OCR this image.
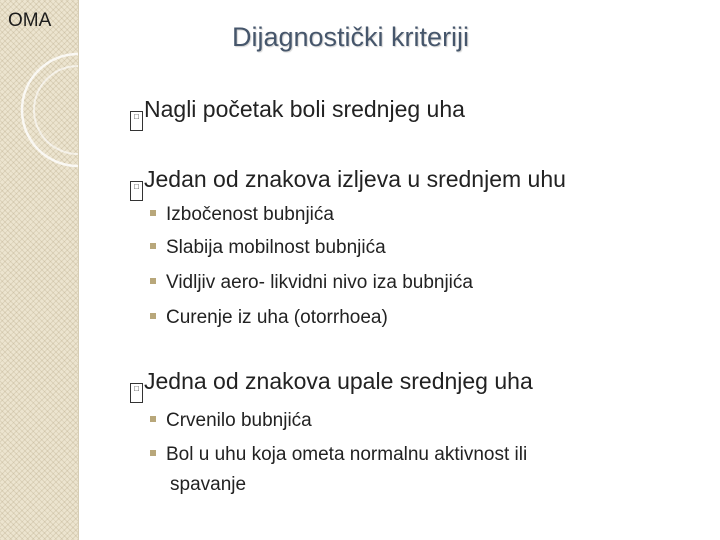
OMA
Dijagnostički kriteriji
□ Nagli početak boli srednjeg uha
□ Jedan od znakova izljeva u srednjem uhu
Izbočenost bubnjića
Slabija mobilnost bubnjića
Vidljiv aero- likvidni nivo iza bubnjića
Curenje iz uha (otorrhoea)
□ Jedna od znakova upale srednjeg uha
Crvenilo bubnjića
Bol u uhu koja ometa normalnu aktivnost ili
spavanje
